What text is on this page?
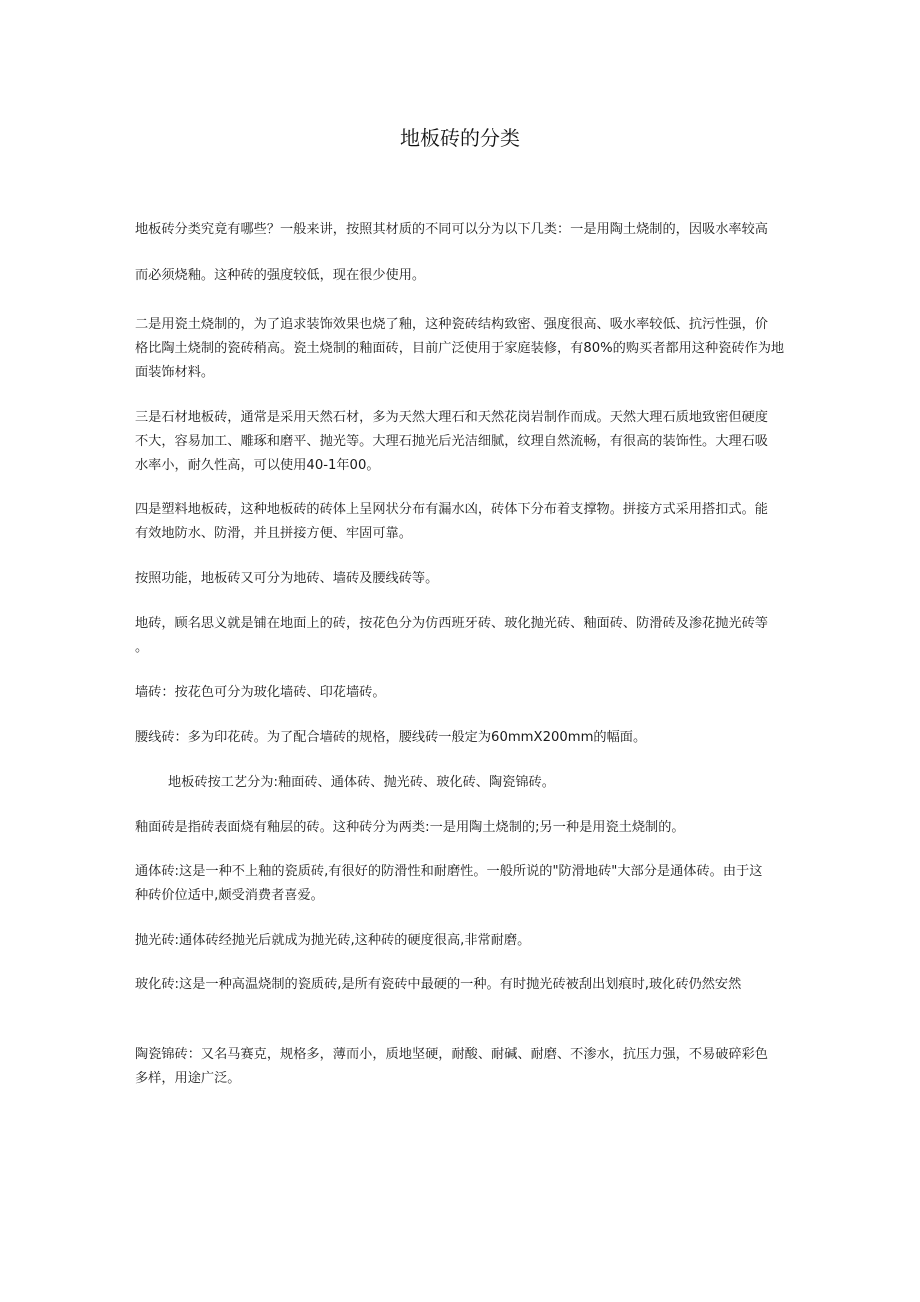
地板砖的分类

地板砖分类究竟有哪些？一般来讲，按照其材质的不同可以分为以下几类：一是用陶土烧制的，因吸水率较高

而必须烧釉。这种砖的强度较低，现在很少使用。

二是用瓷土烧制的，为了追求装饰效果也烧了釉，这种瓷砖结构致密、强度很高、吸水率较低、抗污性强，价
格比陶土烧制的瓷砖稍高。瓷土烧制的釉面砖，目前广泛使用于家庭装修，有80%的购买者都用这种瓷砖作为地
面装饰材料。

三是石材地板砖，通常是采用天然石材，多为天然大理石和天然花岗岩制作而成。天然大理石质地致密但硬度
不大，容易加工、雕琢和磨平、抛光等。大理石抛光后光洁细腻，纹理自然流畅，有很高的装饰性。大理石吸
水率小，耐久性高，可以使用40-1年00。

四是塑料地板砖，这种地板砖的砖体上呈网状分布有漏水凶，砖体下分布着支撑物。拼接方式采用搭扣式。能
有效地防水、防滑，并且拼接方便、牢固可靠。

按照功能，地板砖又可分为地砖、墙砖及腰线砖等。

地砖，顾名思义就是铺在地面上的砖，按花色分为仿西班牙砖、玻化抛光砖、釉面砖、防滑砖及渗花抛光砖等
。

墙砖：按花色可分为玻化墙砖、印花墙砖。

腰线砖：多为印花砖。为了配合墙砖的规格，腰线砖一般定为60mmX200mm的幅面。

地板砖按工艺分为:釉面砖、通体砖、抛光砖、玻化砖、陶瓷锦砖。

釉面砖是指砖表面烧有釉层的砖。这种砖分为两类:一是用陶土烧制的;另一种是用瓷土烧制的。

通体砖:这是一种不上釉的瓷质砖,有很好的防滑性和耐磨性。一般所说的"防滑地砖"大部分是通体砖。由于这
种砖价位适中,颇受消费者喜爱。

抛光砖:通体砖经抛光后就成为抛光砖,这种砖的硬度很高,非常耐磨。

玻化砖:这是一种高温烧制的瓷质砖,是所有瓷砖中最硬的一种。有时抛光砖被刮出划痕时,玻化砖仍然安然

陶瓷锦砖：又名马赛克，规格多，薄而小，质地坚硬，耐酸、耐碱、耐磨、不渗水，抗压力强，不易破碎彩色
多样，用途广泛。
